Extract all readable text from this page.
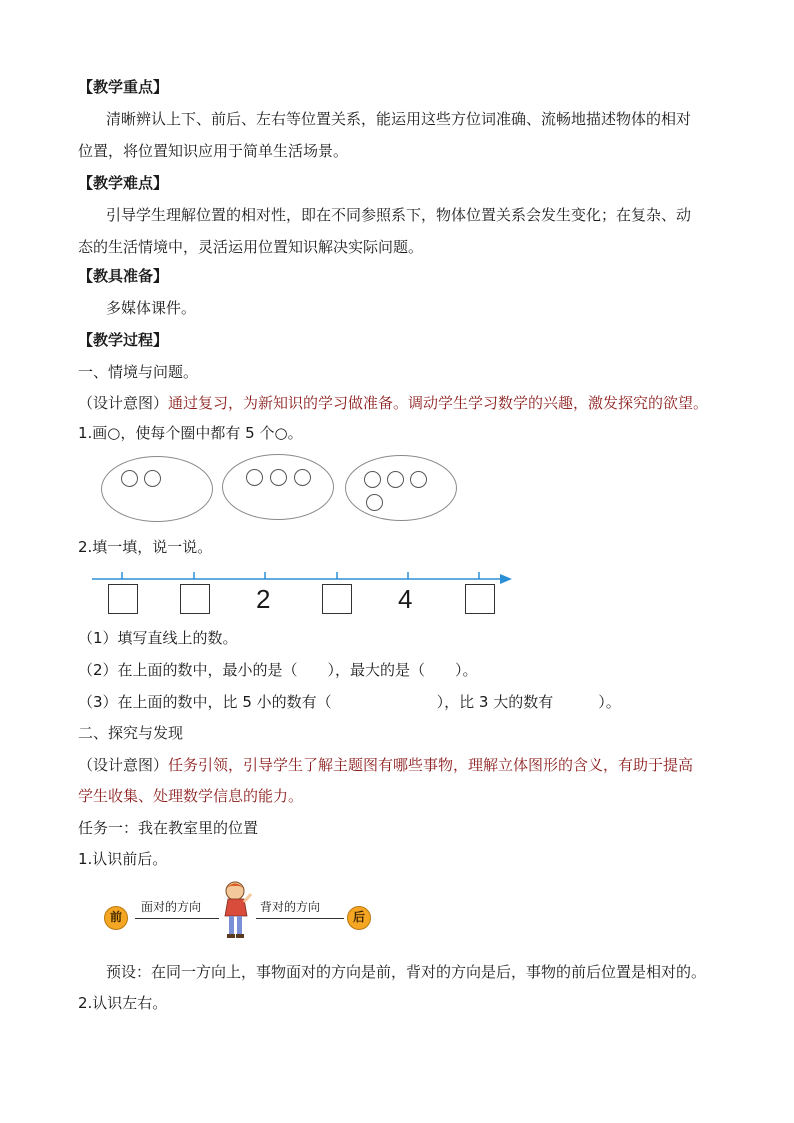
【教学重点】
清晰辨认上下、前后、左右等位置关系，能运用这些方位词准确、流畅地描述物体的相对
位置，将位置知识应用于简单生活场景。
【教学难点】
引导学生理解位置的相对性，即在不同参照系下，物体位置关系会发生变化；在复杂、动
态的生活情境中，灵活运用位置知识解决实际问题。
【教具准备】
多媒体课件。
【教学过程】
一、情境与问题。
（设计意图）通过复习，为新知识的学习做准备。调动学生学习数学的兴趣，激发探究的欲望。
1.画○，使每个圈中都有 5 个○。
2.填一填，说一说。
2	4
（1）填写直线上的数。
（2）在上面的数中，最小的是（　　），最大的是（　　）。
（3）在上面的数中，比 5 小的数有（　　　　　　　），比 3 大的数有　　　）。
二、探究与发现
（设计意图）任务引领，引导学生了解主题图有哪些事物，理解立体图形的含义，有助于提高
学生收集、处理数学信息的能力。
任务一：我在教室里的位置
1.认识前后。
前
面对的方向	背对的方向
后
预设：在同一方向上，事物面对的方向是前，背对的方向是后，事物的前后位置是相对的。
2.认识左右。
